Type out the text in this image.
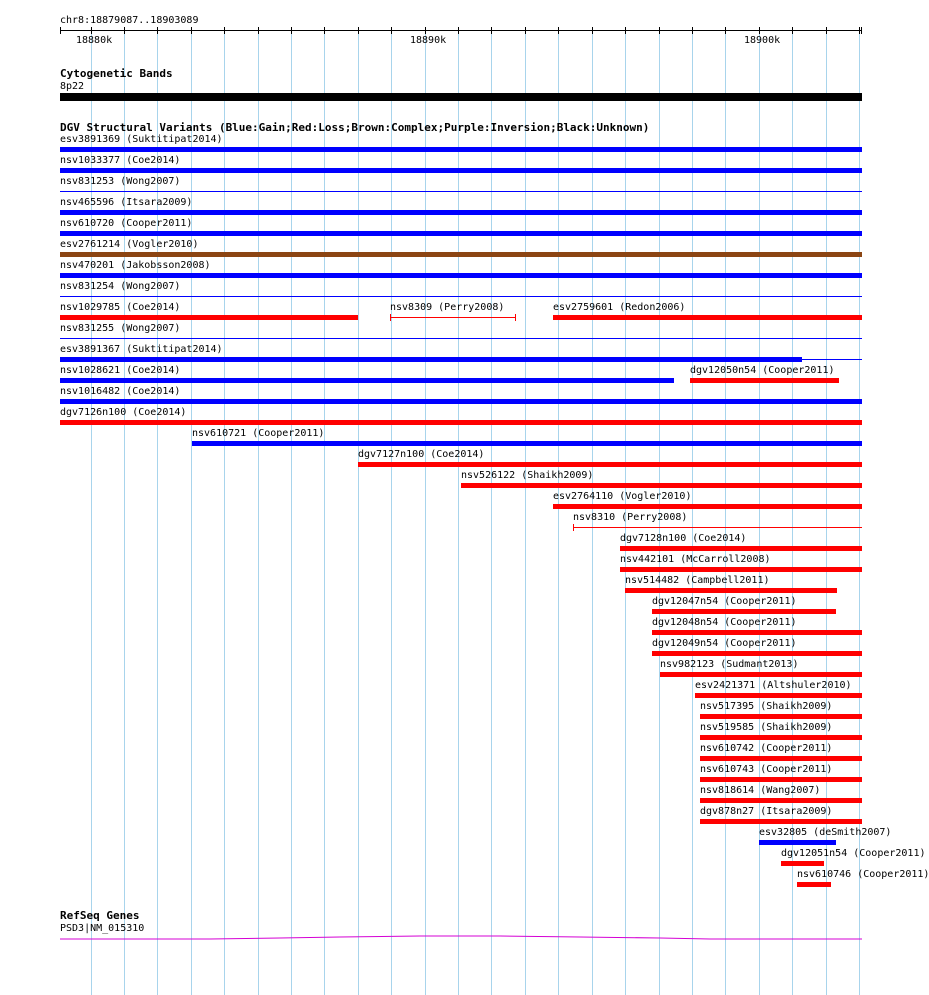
chr8:18879087..18903089
18880k	18890k	18900k
Cytogenetic Bands
8p22
DGV Structural Variants (Blue:Gain;Red:Loss;Brown:Complex;Purple:Inversion;Black:Unknown)
esv3891369 (Suktitipat2014)
nsv1033377 (Coe2014)
nsv831253 (Wong2007)
nsv465596 (Itsara2009)
nsv610720 (Cooper2011)
esv2761214 (Vogler2010)
nsv470201 (Jakobsson2008)
nsv831254 (Wong2007)
nsv1029785 (Coe2014)	nsv8309 (Perry2008)	esv2759601 (Redon2006)
nsv831255 (Wong2007)
esv3891367 (Suktitipat2014)
nsv1028621 (Coe2014)	dgv12050n54 (Cooper2011)
nsv1016482 (Coe2014)
dgv7126n100 (Coe2014)
nsv610721 (Cooper2011)
dgv7127n100 (Coe2014)
nsv526122 (Shaikh2009)
esv2764110 (Vogler2010)
nsv8310 (Perry2008)
dgv7128n100 (Coe2014)
nsv442101 (McCarroll2008)
nsv514482 (Campbell2011)
dgv12047n54 (Cooper2011)
dgv12048n54 (Cooper2011)
dgv12049n54 (Cooper2011)
nsv982123 (Sudmant2013)
esv2421371 (Altshuler2010)
nsv517395 (Shaikh2009)
nsv519585 (Shaikh2009)
nsv610742 (Cooper2011)
nsv610743 (Cooper2011)
nsv818614 (Wang2007)
dgv878n27 (Itsara2009)
esv32805 (deSmith2007)
dgv12051n54 (Cooper2011)
nsv610746 (Cooper2011)
RefSeq Genes
PSD3|NM_015310
